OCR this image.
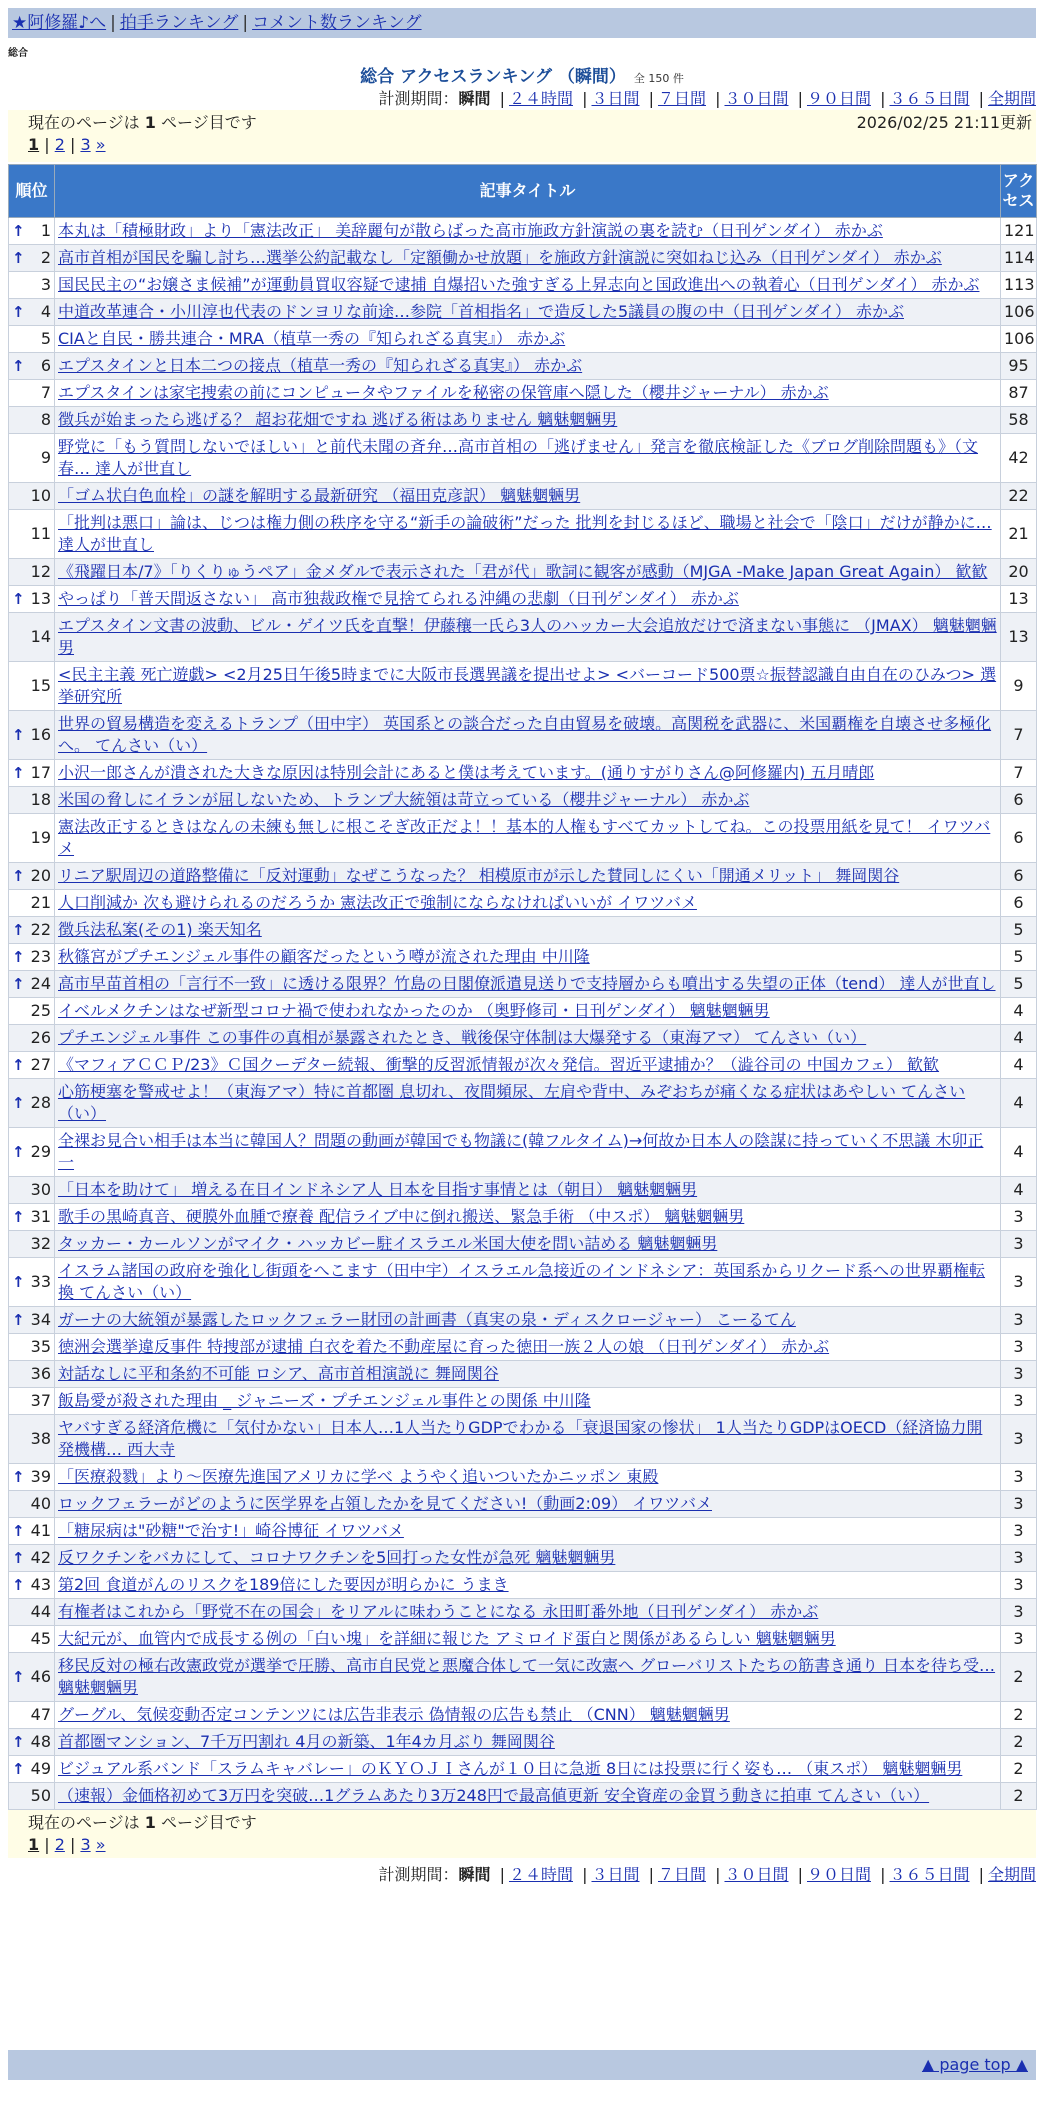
★阿修羅♪へ | 拍手ランキング | コメント数ランキング
総合
総合 アクセスランキング （瞬間） 全 150 件
計測期間：瞬間 | ２４時間 | ３日間 | ７日間 | ３０日間 | ９０日間 | ３６５日間 | 全期間
現在のページは 1 ページ目です	2026/02/25 21:11更新
1 | 2 | 3 »
順位	記事タイトル	アクセス

↑ 1	本丸は「積極財政」より「憲法改正」 美辞麗句が散らばった高市施政方針演説の裏を読む（日刊ゲンダイ） 赤かぶ	121

↑ 2	高市首相が国民を騙し討ち…選挙公約記載なし「定額働かせ放題」を施政方針演説に突如ねじ込み（日刊ゲンダイ） 赤かぶ	114
3	国民民主の“お嬢さま候補”が運動員買収容疑で逮捕 自爆招いた強すぎる上昇志向と国政進出への執着心（日刊ゲンダイ） 赤かぶ	113

↑ 4	中道改革連合・小川淳也代表のドンヨリな前途…参院「首相指名」で造反した5議員の腹の中（日刊ゲンダイ） 赤かぶ	106
5	CIAと自民・勝共連合・MRA（植草一秀の『知られざる真実』） 赤かぶ	106

↑ 6	エプスタインと日本二つの接点（植草一秀の『知られざる真実』） 赤かぶ	95
7	エプスタインは家宅捜索の前にコンピュータやファイルを秘密の保管庫へ隠した（櫻井ジャーナル） 赤かぶ	87
8	徴兵が始まったら逃げる？ 超お花畑ですね 逃げる術はありません 魑魅魍魎男	58
9	野党に「もう質問しないでほしい」と前代未聞の斉弁…高市首相の「逃げません」発言を徹底検証した《ブログ削除問題も》（文春… 達人が世直し	42
10	「ゴム状白色血栓」の謎を解明する最新研究 （福田克彦訳） 魑魅魍魎男	22
11	「批判は悪口」論は、じつは権力側の秩序を守る“新手の論破術”だった 批判を封じるほど、職場と社会で「陰口」だけが静かに… 達人が世直し	21
12	《飛躍日本/7》「りくりゅうペア」金メダルで表示された「君が代」歌詞に観客が感動（MJGA -Make Japan Great Again） 歓歓	20

↑ 13	やっぱり「普天間返さない」 高市独裁政権で見捨てられる沖縄の悲劇（日刊ゲンダイ） 赤かぶ	13
14	エプスタイン文書の波動、ビル・ゲイツ氏を直撃！伊藤穰一氏ら3人のハッカー大会追放だけで済まない事態に （JMAX） 魑魅魍魎男	13
15	<民主主義 死亡遊戯> <2月25日午後5時までに大阪市長選異議を提出せよ> <バーコード500票☆振替認識自由自在のひみつ> 選挙研究所	9

↑ 16	世界の貿易構造を変えるトランプ（田中宇） 英国系との談合だった自由貿易を破壊。高関税を武器に、米国覇権を自壊させ多極化へ。 てんさい（い）	7

↑ 17	小沢一郎さんが潰された大きな原因は特別会計にあると僕は考えています。(通りすがりさん@阿修羅内) 五月晴郎	7
18	米国の脅しにイランが屈しないため、トランプ大統領は苛立っている（櫻井ジャーナル） 赤かぶ	6
19	憲法改正するときはなんの未練も無しに根こそぎ改正だよ！！基本的人権もすべてカットしてね。この投票用紙を見て！ イワツバメ	6

↑ 20	リニア駅周辺の道路整備に「反対運動」なぜこうなった？ 相模原市が示した賛同しにくい「開通メリット」 舞岡関谷	6
21	人口削減か 次も避けられるのだろうか 憲法改正で強制にならなければいいが イワツバメ	6

↑ 22	徴兵法私案(その1) 楽天知名	5

↑ 23	秋篠宮がプチエンジェル事件の顧客だったという噂が流された理由 中川隆	5

↑ 24	高市早苗首相の「言行不一致」に透ける限界？竹島の日閣僚派遣見送りで支持層からも噴出する失望の正体（tend） 達人が世直し	5
25	イベルメクチンはなぜ新型コロナ禍で使われなかったのか （奥野修司・日刊ゲンダイ） 魑魅魍魎男	4
26	プチエンジェル事件 この事件の真相が暴露されたとき、戦後保守体制は大爆発する（東海アマ） てんさい（い）	4

↑ 27	《マフィアＣＣＰ/23》Ｃ国クーデター続報、衝撃的反習派情報が次々発信。習近平逮捕か？（澁谷司の 中国カフェ） 歓歓	4

↑ 28	心筋梗塞を警戒せよ！（東海アマ）特に首都圏 息切れ、夜間頻尿、左肩や背中、みぞおちが痛くなる症状はあやしい てんさい（い）	4

↑ 29	全裸お見合い相手は本当に韓国人？問題の動画が韓国でも物議に(韓フルタイム)→何故か日本人の陰謀に持っていく不思議 木卯正一	4
30	「日本を助けて」 増える在日インドネシア人 日本を目指す事情とは（朝日） 魑魅魍魎男	4

↑ 31	歌手の黒崎真音、硬膜外血腫で療養 配信ライブ中に倒れ搬送、緊急手術 （中スポ） 魑魅魍魎男	3
32	タッカー・カールソンがマイク・ハッカビー駐イスラエル米国大使を問い詰める 魑魅魍魎男	3

↑ 33	イスラム諸国の政府を強化し街頭をへこます（田中宇）イスラエル急接近のインドネシア：英国系からリクード系への世界覇権転換 てんさい（い）	3

↑ 34	ガーナの大統領が暴露したロックフェラー財団の計画書（真実の泉・ディスクロージャー） こーるてん	3
35	徳洲会選挙違反事件 特捜部が逮捕 白衣を着た不動産屋に育った徳田一族２人の娘 （日刊ゲンダイ） 赤かぶ	3
36	対話なしに平和条約不可能 ロシア、高市首相演説に 舞岡関谷	3
37	飯島愛が殺された理由 _ ジャニーズ・プチエンジェル事件との関係 中川隆	3
38	ヤバすぎる経済危機に「気付かない」日本人…1人当たりGDPでわかる「衰退国家の惨状」 1人当たりGDPはOECD（経済協力開発機構… 西大寺	3

↑ 39	「医療殺戮」より〜医療先進国アメリカに学べ ようやく追いついたかニッポン 東殿	3
40	ロックフェラーがどのように医学界を占領したかを見てください!（動画2:09） イワツバメ	3

↑ 41	「糖尿病は"砂糖"で治す!」崎谷博征 イワツバメ	3

↑ 42	反ワクチンをバカにして、コロナワクチンを5回打った女性が急死 魑魅魍魎男	3

↑ 43	第2回 食道がんのリスクを189倍にした要因が明らかに うまき	3
44	有権者はこれから「野党不在の国会」をリアルに味わうことになる 永田町番外地（日刊ゲンダイ） 赤かぶ	3
45	大紀元が、血管内で成長する例の「白い塊」を詳細に報じた アミロイド蛋白と関係があるらしい 魑魅魍魎男	3

↑ 46	移民反対の極右改憲政党が選挙で圧勝、高市自民党と悪魔合体して一気に改憲へ グローバリストたちの筋書き通り 日本を待ち受… 魑魅魍魎男	2
47	グーグル、気候変動否定コンテンツには広告非表示 偽情報の広告も禁止 （CNN） 魑魅魍魎男	2

↑ 48	首都圏マンション、7千万円割れ 4月の新築、1年4カ月ぶり 舞岡関谷	2

↑ 49	ビジュアル系バンド「スラムキャバレー」のＫＹＯＪＩさんが１０日に急逝 8日には投票に行く姿も… （東スポ） 魑魅魍魎男	2
50	（速報）金価格初めて3万円を突破…1グラムあたり3万248円で最高値更新 安全資産の金買う動きに拍車 てんさい（い）	2
現在のページは 1 ページ目です
1 | 2 | 3 »
計測期間：瞬間 | ２４時間 | ３日間 | ７日間 | ３０日間 | ９０日間 | ３６５日間 | 全期間
▲ page top ▲
